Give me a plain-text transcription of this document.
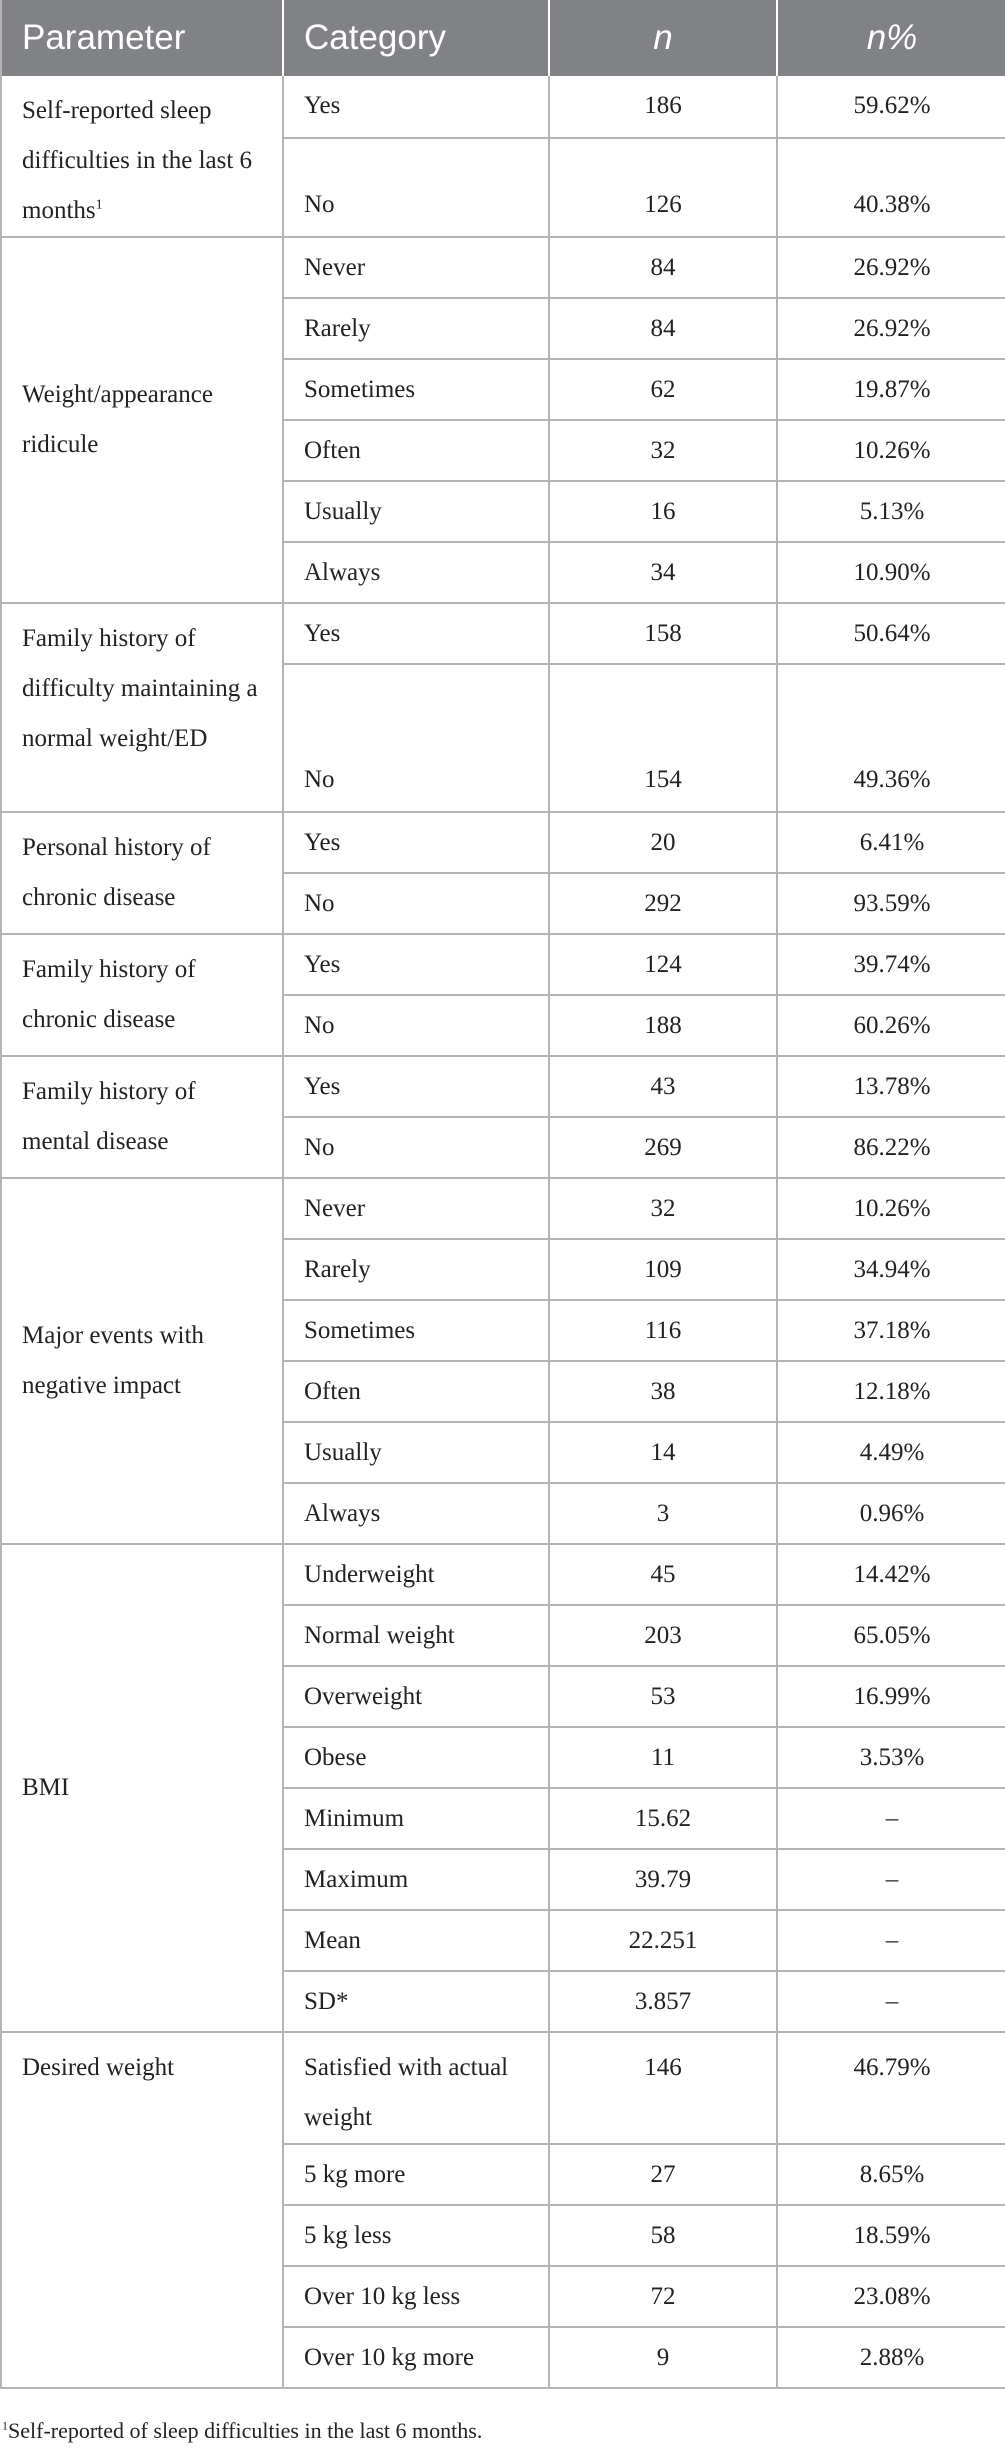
Parameter	Category	n	n%
Self-reported sleep difficulties in the last 6 months$^1$	Yes	186	59.62%
	No	126	40.38%
Weight/appearance ridicule	Never	84	26.92%
	Rarely	84	26.92%
	Sometimes	62	19.87%
	Often	32	10.26%
	Usually	16	5.13%
	Always	34	10.90%
Family history of difficulty maintaining a normal weight/ED	Yes	158	50.64%
	No	154	49.36%
Personal history of chronic disease	Yes	20	6.41%
	No	292	93.59%
Family history of chronic disease	Yes	124	39.74%
	No	188	60.26%
Family history of mental disease	Yes	43	13.78%
	No	269	86.22%
Major events with negative impact	Never	32	10.26%
	Rarely	109	34.94%
	Sometimes	116	37.18%
	Often	38	12.18%
	Usually	14	4.49%
	Always	3	0.96%
BMI	Underweight	45	14.42%
	Normal weight	203	65.05%
	Overweight	53	16.99%
	Obese	11	3.53%
	Minimum	15.62	–
	Maximum	39.79	–
	Mean	22.251	–
	SD*	3.857	–
Desired weight	Satisfied with actual weight	146	46.79%
	5 kg more	27	8.65%
	5 kg less	58	18.59%
	Over 10 kg less	72	23.08%
	Over 10 kg more	9	2.88%
$^1$Self-reported of sleep difficulties in the last 6 months.
